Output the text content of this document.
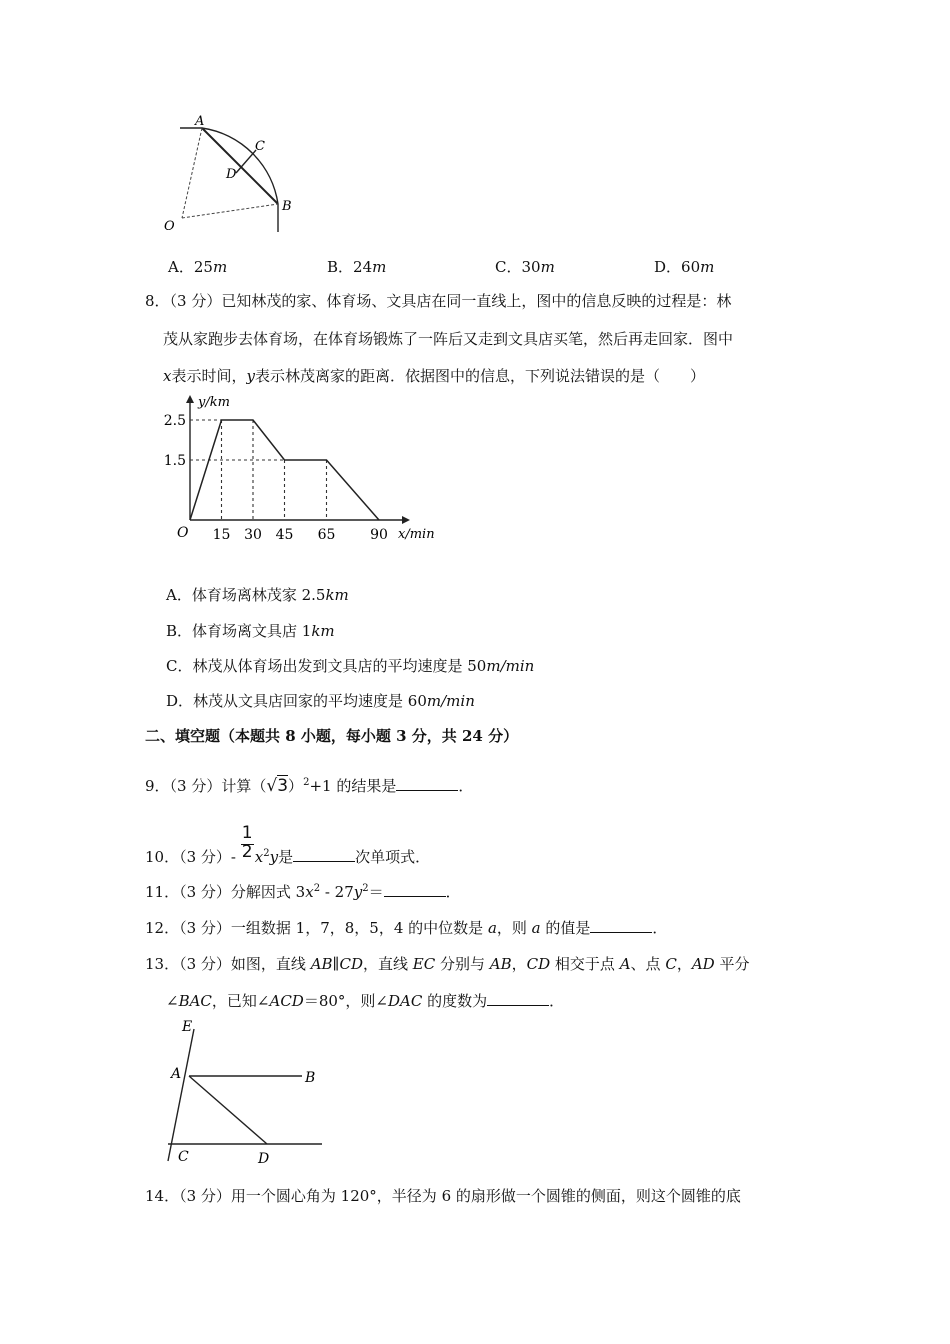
A
C
D
B
O
A．25m	B．24m	C．30m	D．60m
8．（3 分）已知林茂的家、体育场、文具店在同一直线上，图中的信息反映的过程是：林
茂从家跑步去体育场，在体育场锻炼了一阵后又走到文具店买笔，然后再走回家．图中
x表示时间，y表示林茂离家的距离．依据图中的信息，下列说法错误的是（　　）
y/km
x/min
O 15 30 45 65 90
2.5
1.5
A．体育场离林茂家 2.5km
B．体育场离文具店 1km
C．林茂从体育场出发到文具店的平均速度是 50m/min
D．林茂从文具店回家的平均速度是 60m/min
二、填空题（本题共 8 小题，每小题 3 分，共 24 分）
9．（3 分）计算$(√3)^2+1$ 的结果是	．
10．（3 分）- $\frac{1}{2} x^2y$是	次单项式．
11．（3 分）分解因式 $3x^2 - 27y^2=$	．
12．（3 分）一组数据 1，7，8，5，4 的中位数是 a，则 a 的值是	．
13．（3 分）如图，直线 AB∥CD，直线 EC 分别与 AB，CD 相交于点 A、点 C，AD 平分
∠BAC，已知∠ACD＝80°，则∠DAC 的度数为	．
E
A	B
C	D
14．（3 分）用一个圆心角为 120°，半径为 6 的扇形做一个圆锥的侧面，则这个圆锥的底
